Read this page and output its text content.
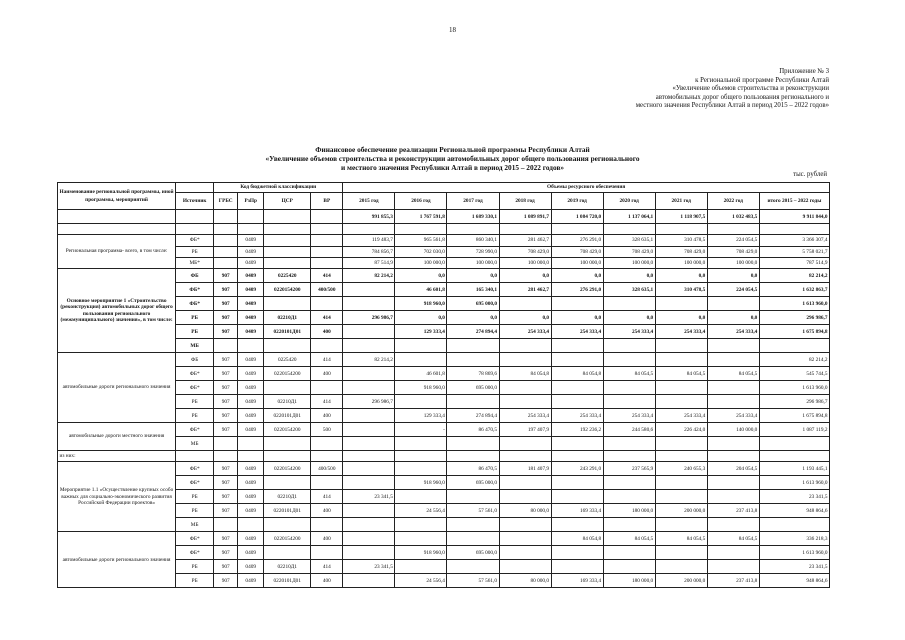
18
Приложение № 3
к Региональной программе Республики Алтай
«Увеличение объемов строительства и реконструкции
автомобильных дорог общего пользования регионального и
местного значения Республики Алтай в период 2015 – 2022 годов»
Финансовое обеспечение реализации Региональной программы Республики Алтай
«Увеличение объемов строительства и реконструкции автомобильных дорог общего пользования регионального
и местного значения Республики Алтай в период 2015 – 2022 годов»
тыс. рублей
Наименование региональной программы, иной программы, мероприятий		Код бюджетной классификации				Объемы ресурсного обеспечения								
	Источник	ГРБС	РзПр	ЦСР	ВР	2015 год	2016 год	2017 год	2018 год	2019 год	2020 год	2021 год	2022 год	итого 2015 – 2022 годы
						991 855,3	1 767 591,8	1 689 330,1	1 089 891,7	1 084 720,0	1 137 064,1	1 118 907,5	1 032 483,5	9 911 844,0

Региональная программа- всего, в том числе:	ФБ*		0409			119 483,7	965 561,8	860 340,1	281 462,7	276 291,0	328 635,1	310 478,5	224 054,5	3 366 307,4
	РБ		0409			784 856,7	702 030,0	728 990,0	708 429,0	708 429,0	708 429,0	708 429,0	708 429,0	5 758 021,7
	МБ*		0409			87 514,9	100 000,0	100 000,0	100 000,0	100 000,0	100 000,0	100 000,0	100 000,0	787 514,9
Основное мероприятие 1 «Строительство (реконструкция) автомобильных дорог общего пользования регионального (межмуниципального) значения», в том числе:	ФБ	907	0409	0225420	414	82 214,2	0,0	0,0	0,0	0,0	0,0	0,0	0,0	82 214,2
	ФБ*	907	0409	0220154200	400/500		46 601,8	165 340,1	281 462,7	276 291,0	328 635,1	310 478,5	224 054,5	1 632 863,7
	ФБ*	907	0409				918 960,0	695 000,0						1 613 960,0
	РБ	907	0409	02210Д1	414	296 986,7	0,0	0,0	0,0	0,0	0,0	0,0	0,0	296 986,7
	РБ	907	0409	0220101Д01	400		129 333,4	274 894,4	254 333,4	254 333,4	254 333,4	254 333,4	254 333,4	1 675 894,8
	МБ													
автомобильные дороги регионального значения	ФБ	907	0409	0225420	414	82 214,2								82 214,2
	ФБ*	907	0409	0220154200	400		46 601,8	78 869,6	84 054,8	84 054,8	84 054,5	84 054,5	84 054,5	545 744,5
	ФБ*	907	0409				918 960,0	695 000,0						1 613 960,0
	РБ	907	0409	02210Д1	414	296 986,7								296 986,7
	РБ	907	0409	0220101Д01	400		129 333,4	274 894,4	254 333,4	254 333,4	254 333,4	254 333,4	254 333,4	1 675 894,8
автомобильные дороги местного значения	ФБ*	907	0409	0220154200	500		-	86 470,5	197 407,9	192 236,2	244 580,6	226 424,0	140 000,0	1 087 119,2
	МБ													
из них:														
Мероприятие 1.1 «Осуществление крупных особо важных для социально-экономического развития Российской Федерации проектов»	ФБ*	907	0409	0220154200	400/500			86 470,5	181 407,9	243 291,0	237 565,9	240 655,3	204 054,5	1 193 445,1
	ФБ*	907	0409				918 960,0	695 000,0						1 613 960,0
	РБ	907	0409	02210Д1	414	23 341,5								23 341,5
	РБ	907	0409	0220101Д01	400		24 556,4	57 561,0	80 000,0	169 333,4	180 000,0	200 000,0	237 413,8	948 864,6
	МБ													
автомобильные дороги регионального значения	ФБ*	907	0409	0220154200	400					84 054,8	84 054,5	84 054,5	84 054,5	336 218,3
	ФБ*	907	0409				918 960,0	695 000,0						1 613 960,0
	РБ	907	0409	02210Д1	414	23 341,5								23 341,5
	РБ	907	0409	0220101Д01	400		24 556,4	57 561,0	80 000,0	169 333,4	180 000,0	200 000,0	237 413,8	948 864,6
